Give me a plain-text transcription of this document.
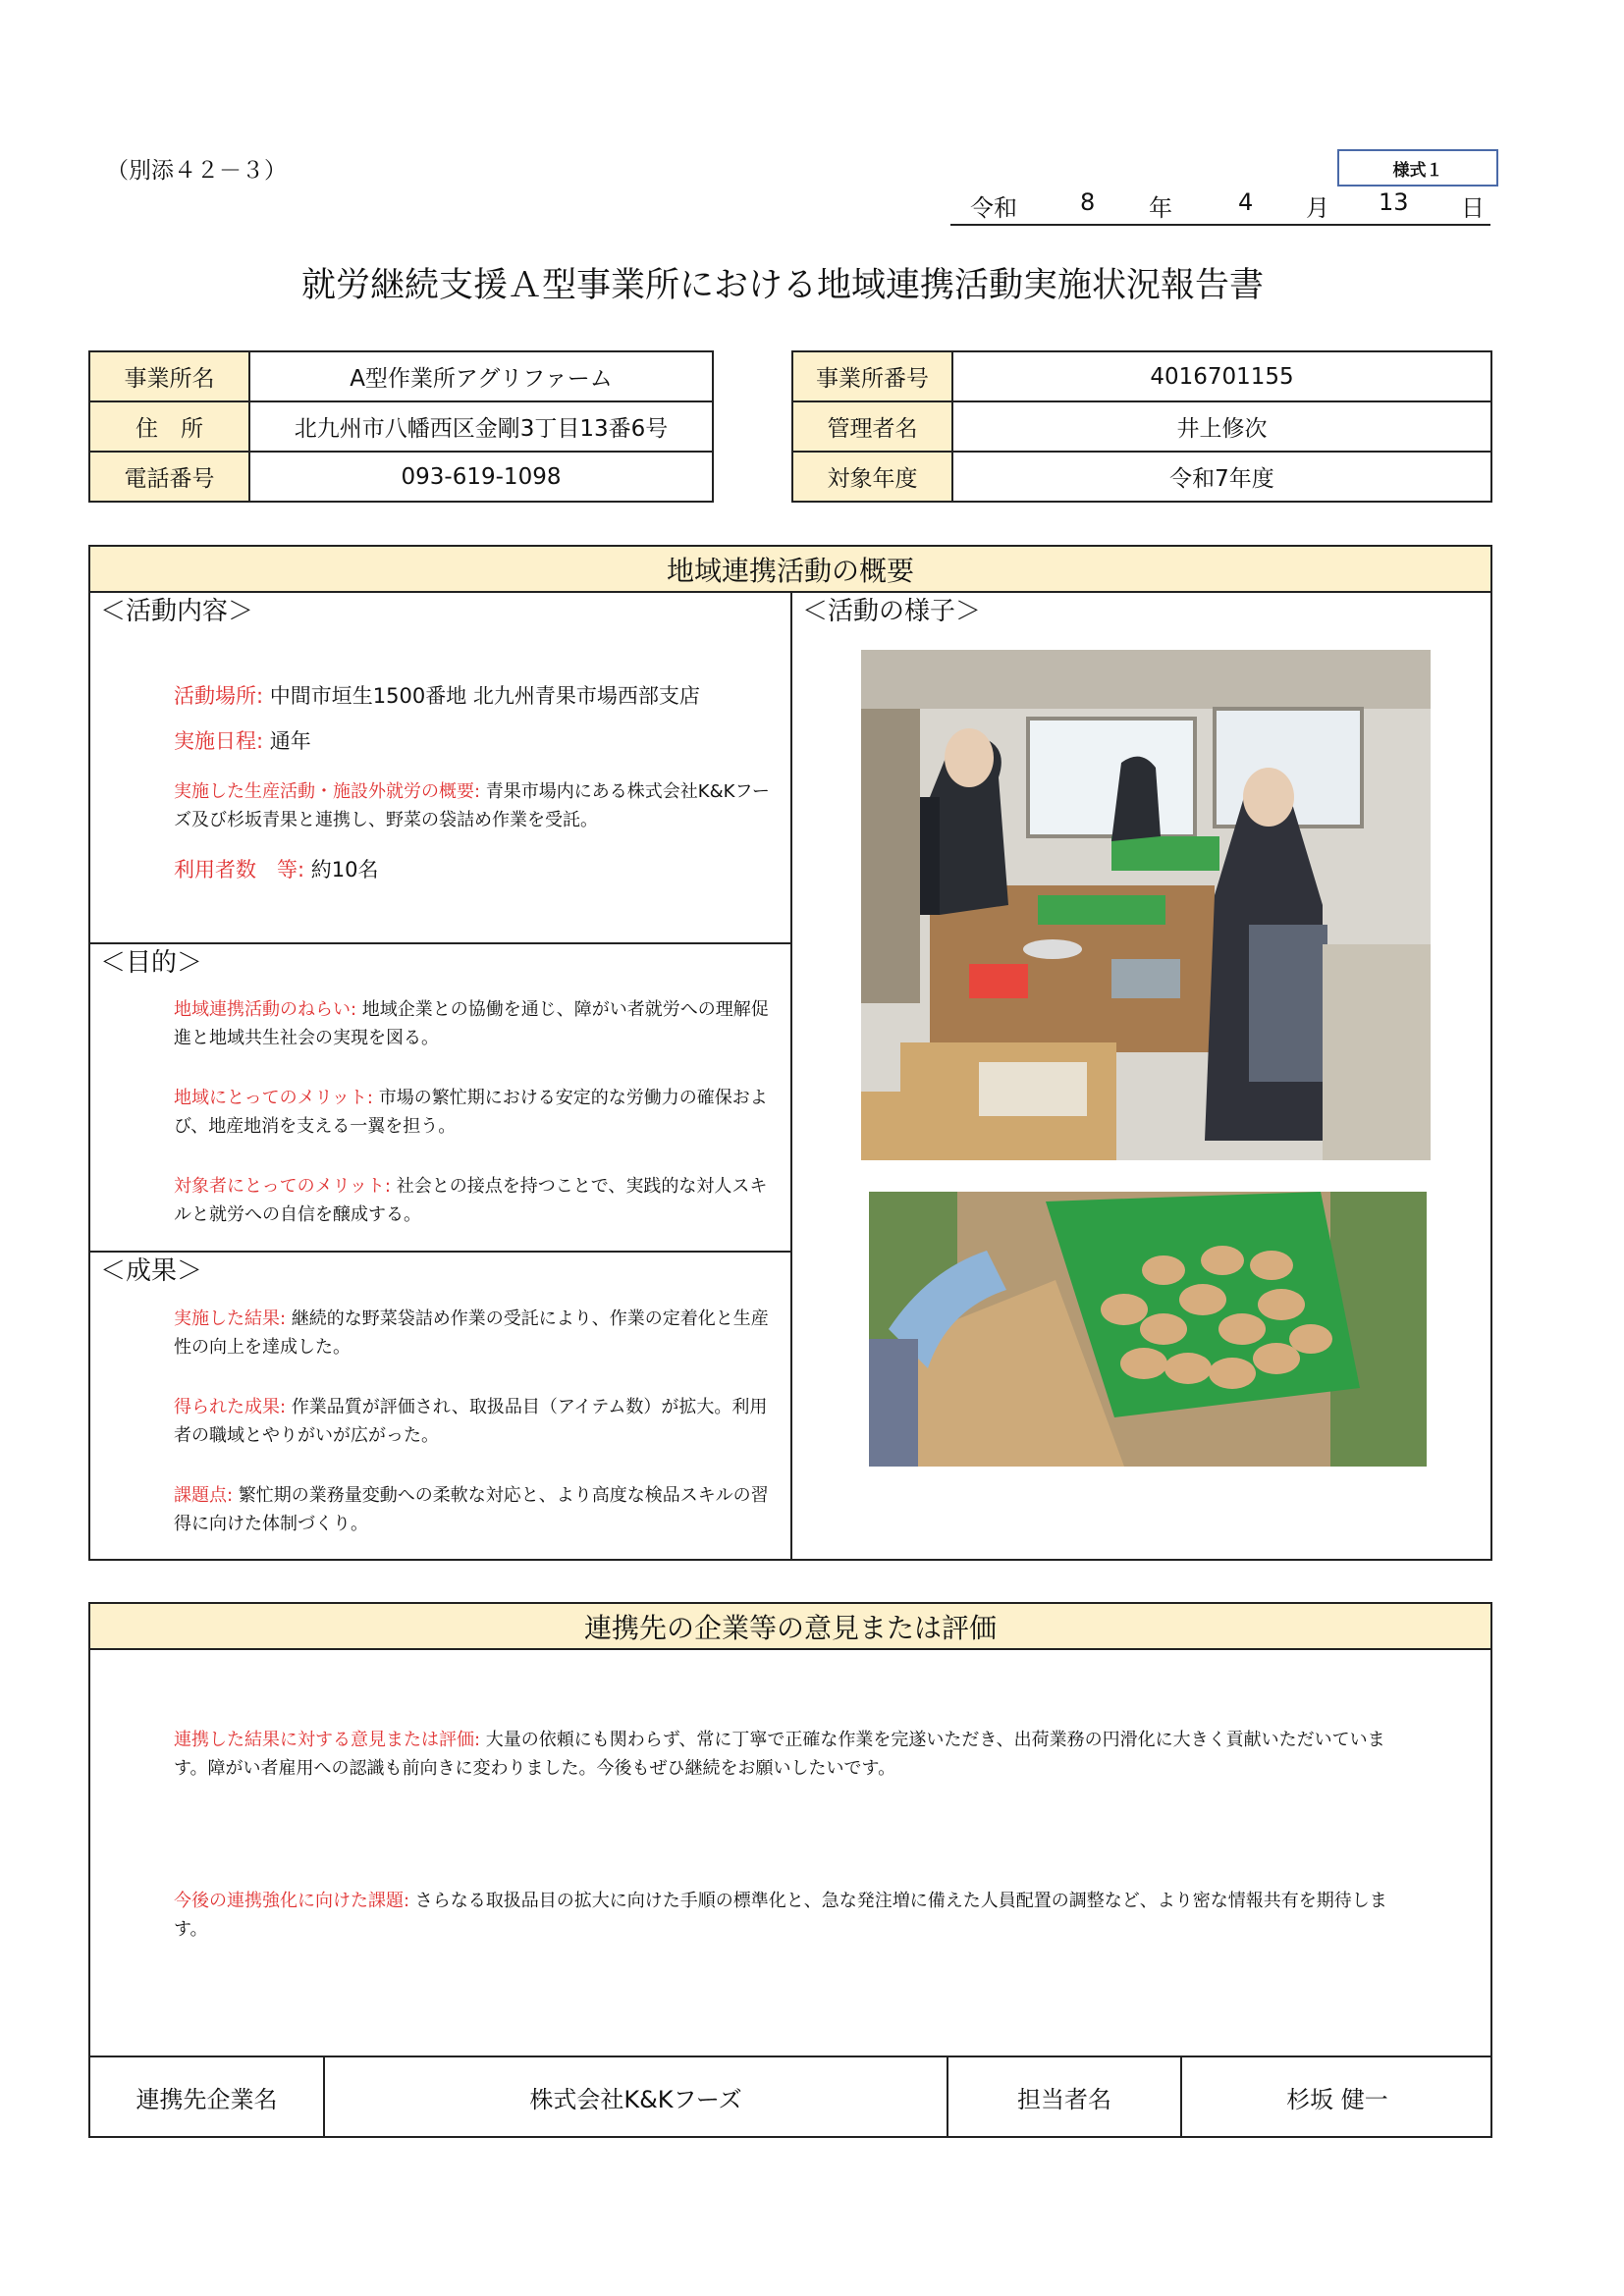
（別添４２－３）	様式１
令和	8 年	4 月 13 日
就労継続支援Ａ型事業所における地域連携活動実施状況報告書
事業所名	A型作業所アグリファーム
住　所	北九州市八幡西区金剛3丁目13番6号
電話番号	093-619-1098
事業所番号	4016701155
管理者名	井上修次
対象年度	令和7年度
地域連携活動の概要
＜活動内容＞
活動場所: 中間市垣生1500番地 北九州青果市場西部支店
実施日程: 通年
実施した生産活動・施設外就労の概要: 青果市場内にある株式会社K&Kフーズ及び杉坂青果と連携し、野菜の袋詰め作業を受託。
利用者数　等: 約10名
＜目的＞
地域連携活動のねらい: 地域企業との協働を通じ、障がい者就労への理解促進と地域共生社会の実現を図る。
地域にとってのメリット: 市場の繁忙期における安定的な労働力の確保および、地産地消を支える一翼を担う。
対象者にとってのメリット: 社会との接点を持つことで、実践的な対人スキルと就労への自信を醸成する。
＜成果＞
実施した結果: 継続的な野菜袋詰め作業の受託により、作業の定着化と生産性の向上を達成した。
得られた成果: 作業品質が評価され、取扱品目（アイテム数）が拡大。利用者の職域とやりがいが広がった。
課題点: 繁忙期の業務量変動への柔軟な対応と、より高度な検品スキルの習得に向けた体制づくり。
＜活動の様子＞
連携先の企業等の意見または評価
連携した結果に対する意見または評価: 大量の依頼にも関わらず、常に丁寧で正確な作業を完遂いただき、出荷業務の円滑化に大きく貢献いただいています。障がい者雇用への認識も前向きに変わりました。今後もぜひ継続をお願いしたいです。
今後の連携強化に向けた課題: さらなる取扱品目の拡大に向けた手順の標準化と、急な発注増に備えた人員配置の調整など、より密な情報共有を期待します。
連携先企業名	株式会社K&Kフーズ	担当者名	杉坂 健一
